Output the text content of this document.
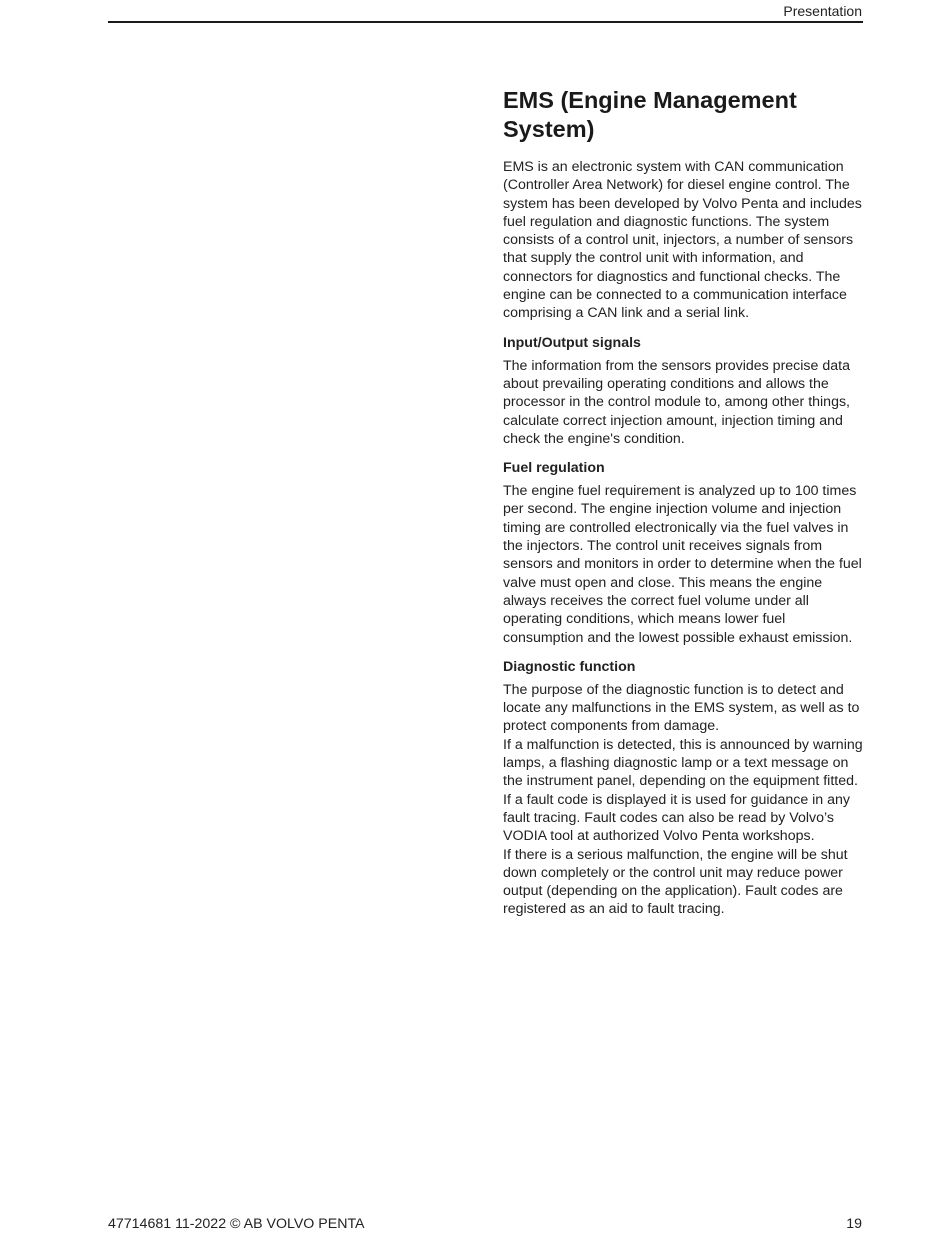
Presentation
EMS (Engine Management System)

EMS is an electronic system with CAN communication (Controller Area Network) for diesel engine control. The system has been developed by Volvo Penta and includes fuel regulation and diagnostic functions. The system consists of a control unit, injectors, a number of sensors that supply the control unit with information, and connectors for diagnostics and functional checks. The engine can be connected to a communication interface comprising a CAN link and a serial link.

Input/Output signals

The information from the sensors provides precise data about prevailing operating conditions and allows the processor in the control module to, among other things, calculate correct injection amount, injection timing and check the engine's condition.

Fuel regulation

The engine fuel requirement is analyzed up to 100 times per second. The engine injection volume and injection timing are controlled electronically via the fuel valves in the injectors. The control unit receives signals from sensors and monitors in order to determine when the fuel valve must open and close. This means the engine always receives the correct fuel volume under all operating conditions, which means lower fuel consumption and the lowest possible exhaust emission.

Diagnostic function

The purpose of the diagnostic function is to detect and locate any malfunctions in the EMS system, as well as to protect components from damage.

If a malfunction is detected, this is announced by warning lamps, a flashing diagnostic lamp or a text message on the instrument panel, depending on the equipment fitted. If a fault code is displayed it is used for guidance in any fault tracing. Fault codes can also be read by Volvo’s VODIA tool at authorized Volvo Penta workshops.

If there is a serious malfunction, the engine will be shut down completely or the control unit may reduce power output (depending on the application). Fault codes are registered as an aid to fault tracing.

47714681 11-2022 © AB VOLVO PENTA	19
